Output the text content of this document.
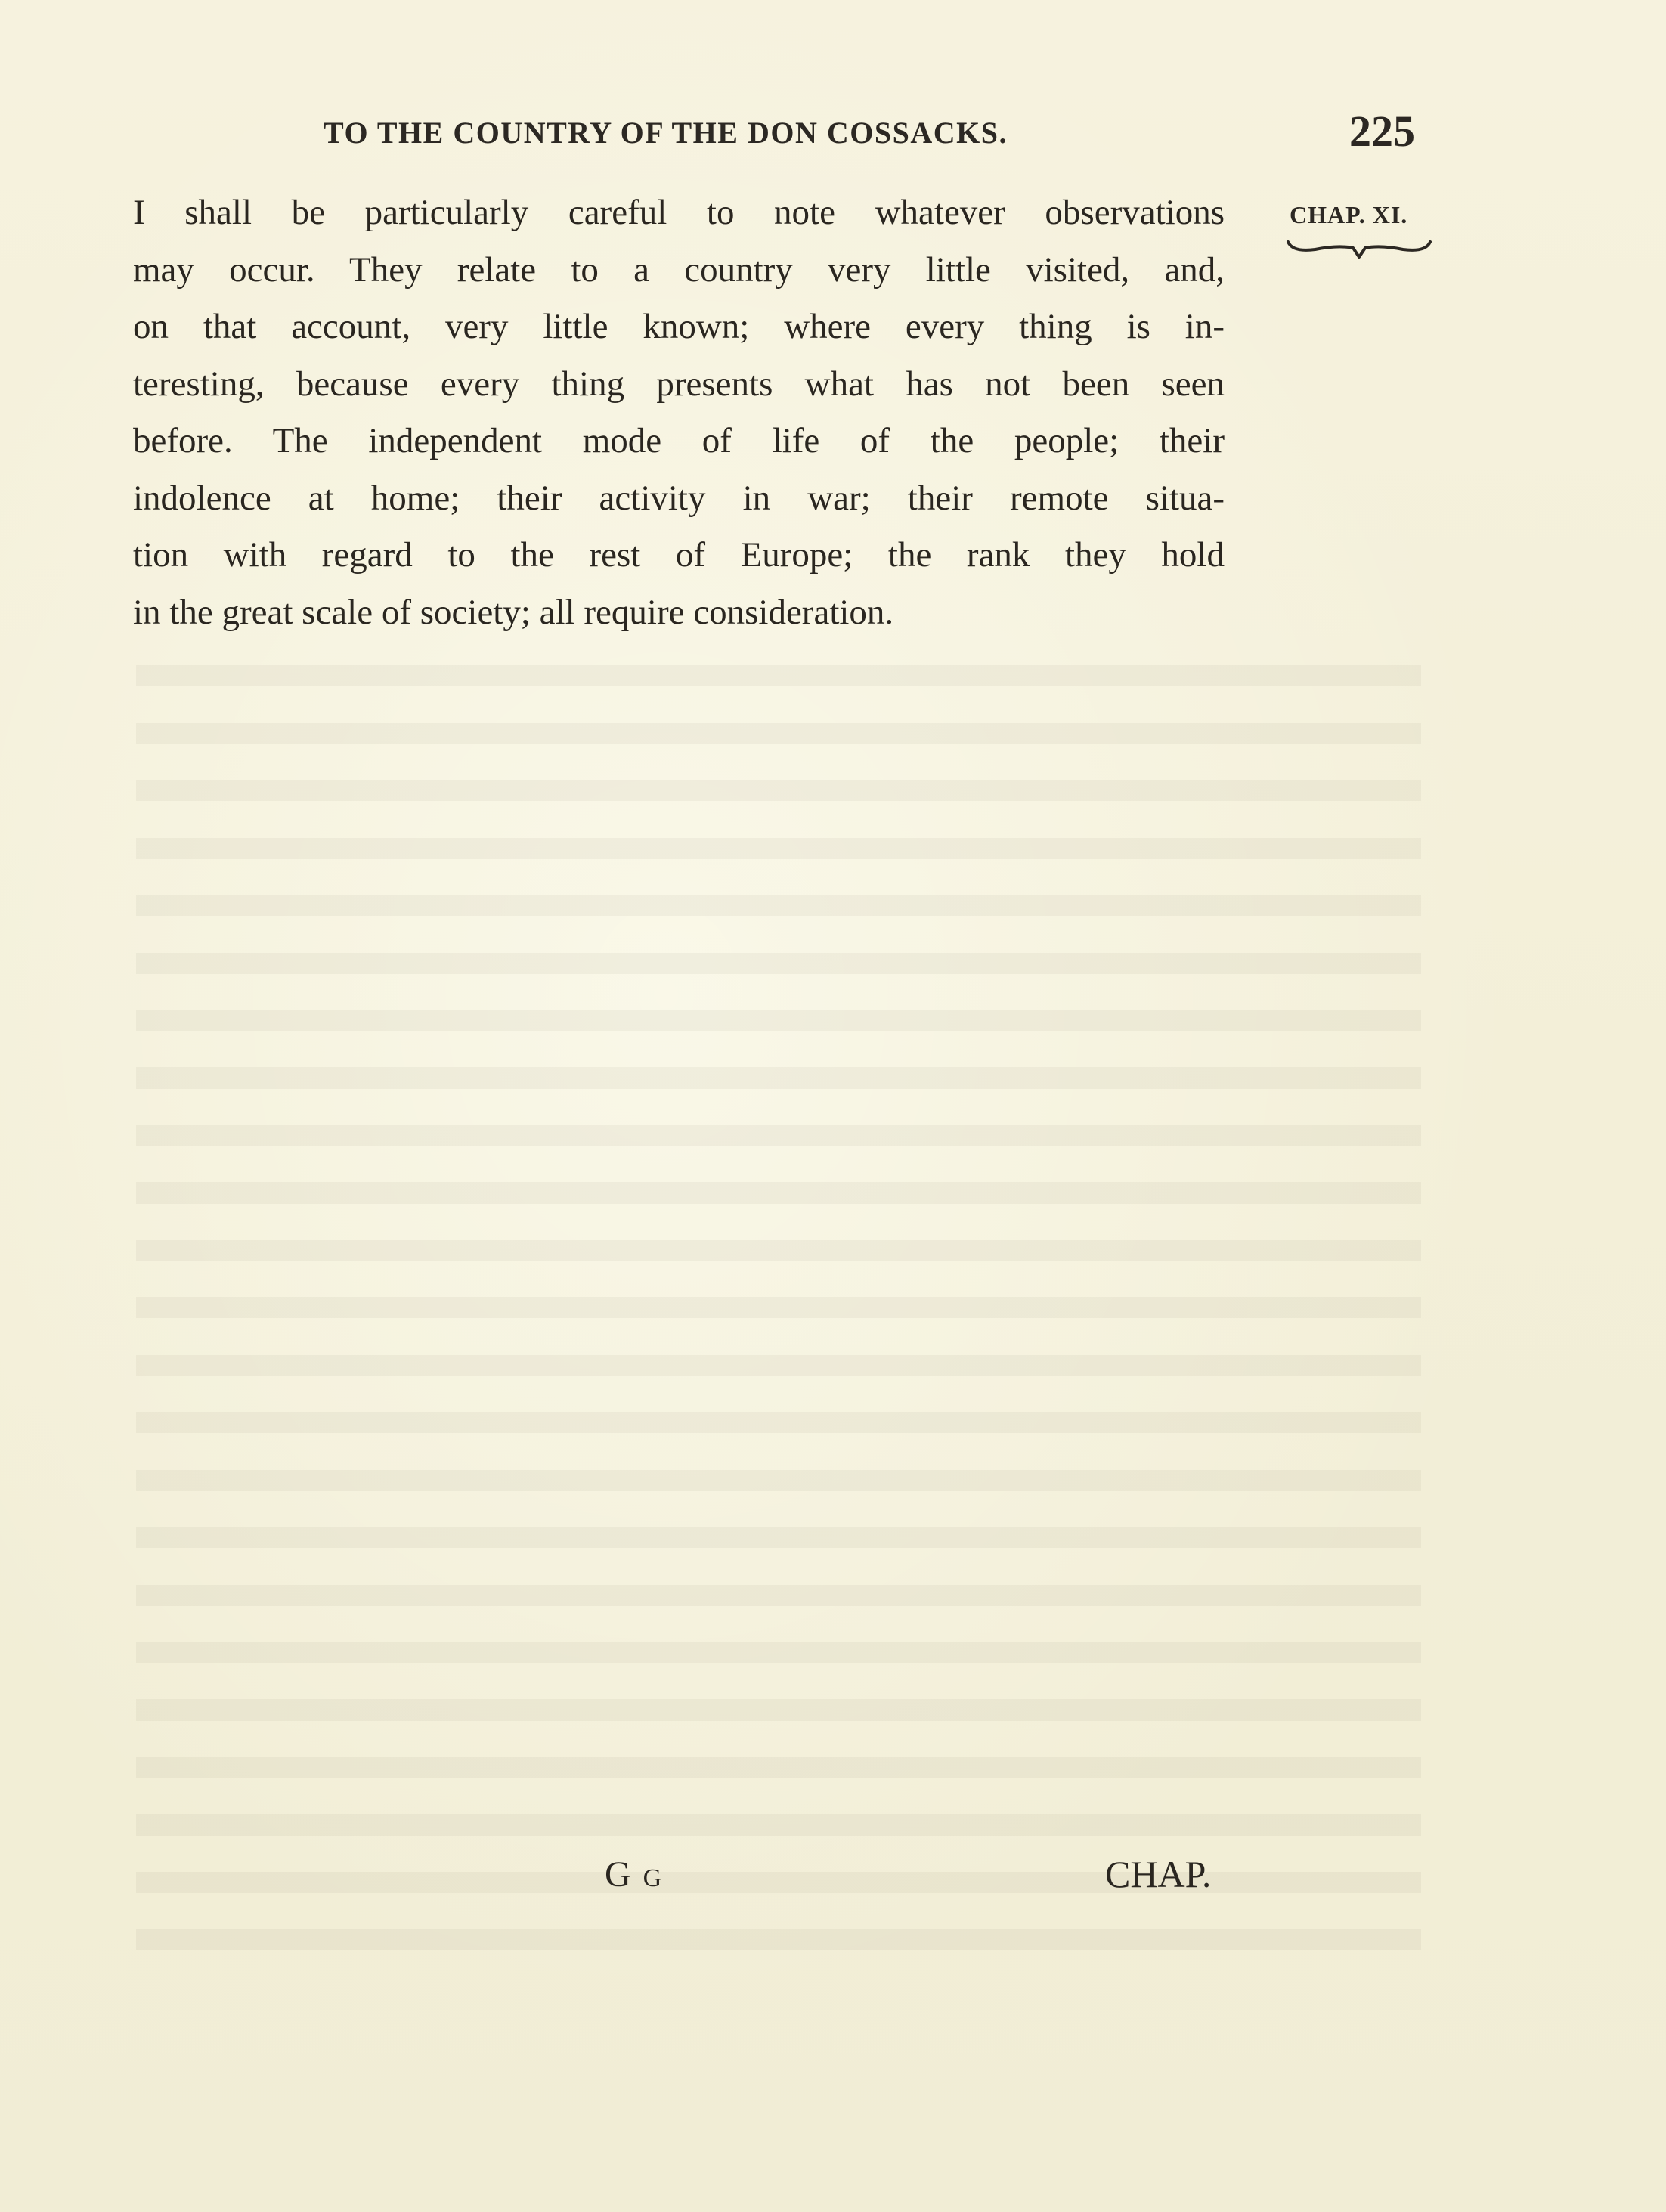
TO THE COUNTRY OF THE DON COSSACKS.	225
CHAP. XI.
I shall be particularly careful to note whatever observations
may occur. They relate to a country very little visited, and,
on that account, very little known; where every thing is in-
teresting, because every thing presents what has not been seen
before. The independent mode of life of the people; their
indolence at home; their activity in war; their remote situa-
tion with regard to the rest of Europe; the rank they hold
in the great scale of society; all require consideration.
G G	CHAP.
